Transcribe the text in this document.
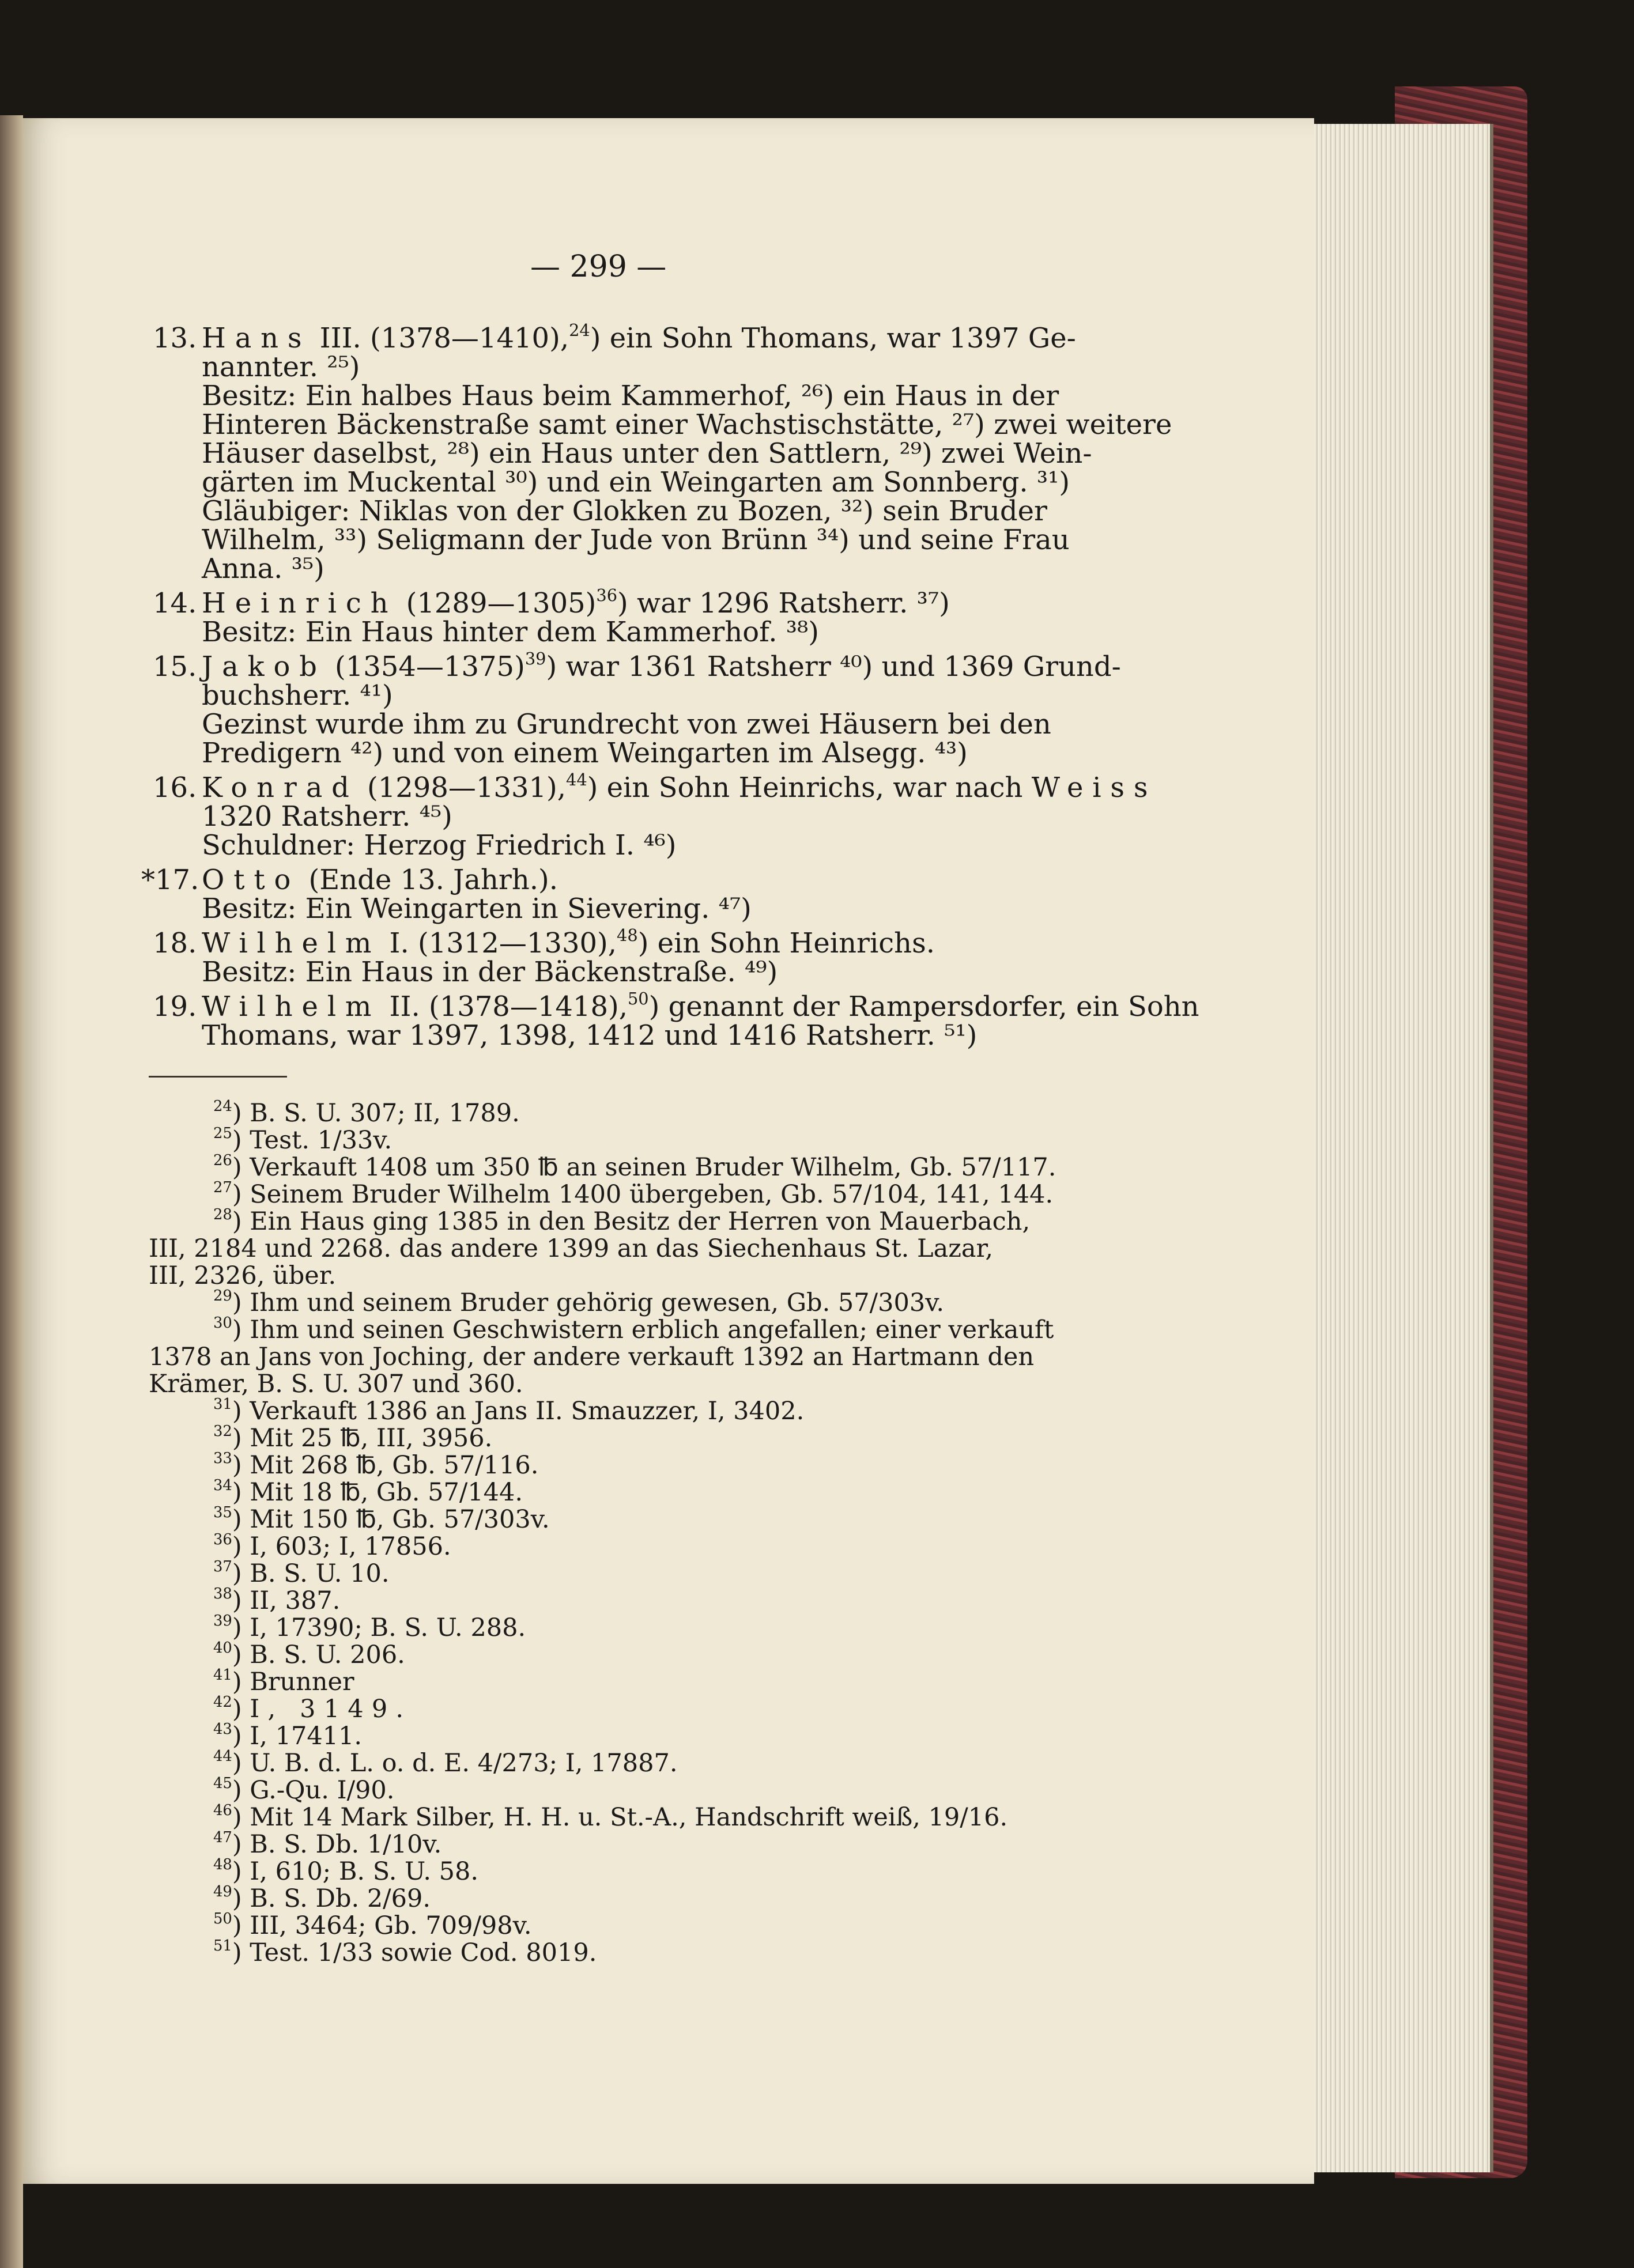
— 299 —
13. Hans III. (1378—1410),$^{24}$) ein Sohn Thomans, war 1397 Ge-
nannter. ²⁵)
Besitz: Ein halbes Haus beim Kammerhof, ²⁶) ein Haus in der
Hinteren Bäckenstraße samt einer Wachstischstätte, ²⁷) zwei weitere
Häuser daselbst, ²⁸) ein Haus unter den Sattlern, ²⁹) zwei Wein-
gärten im Muckental ³⁰) und ein Weingarten am Sonnberg. ³¹)
Gläubiger: Niklas von der Glokken zu Bozen, ³²) sein Bruder
Wilhelm, ³³) Seligmann der Jude von Brünn ³⁴) und seine Frau
Anna. ³⁵)
14. Heinrich (1289—1305)$^{36}$) war 1296 Ratsherr. ³⁷)
Besitz: Ein Haus hinter dem Kammerhof. ³⁸)
15. Jakob (1354—1375)$^{39}$) war 1361 Ratsherr ⁴⁰) und 1369 Grund-
buchsherr. ⁴¹)
Gezinst wurde ihm zu Grundrecht von zwei Häusern bei den
Predigern ⁴²) und von einem Weingarten im Alsegg. ⁴³)
16. Konrad (1298—1331),$^{44}$) ein Sohn Heinrichs, war nach Weiss
1320 Ratsherr. ⁴⁵)
Schuldner: Herzog Friedrich I. ⁴⁶)
*17. Otto (Ende 13. Jahrh.).
Besitz: Ein Weingarten in Sievering. ⁴⁷)
18. Wilhelm I. (1312—1330),$^{48}$) ein Sohn Heinrichs.
Besitz: Ein Haus in der Bäckenstraße. ⁴⁹)
19. Wilhelm II. (1378—1418),$^{50}$) genannt der Rampersdorfer, ein Sohn
Thomans, war 1397, 1398, 1412 und 1416 Ratsherr. ⁵¹)
$^{24}$) B. S. U. 307; II, 1789.
$^{25}$) Test. 1/33v.
$^{26}$) Verkauft 1408 um 350 ℔ an seinen Bruder Wilhelm, Gb. 57/117.
$^{27}$) Seinem Bruder Wilhelm 1400 übergeben, Gb. 57/104, 141, 144.
$^{28}$) Ein Haus ging 1385 in den Besitz der Herren von Mauerbach,
III, 2184 und 2268. das andere 1399 an das Siechenhaus St. Lazar,
III, 2326, über.
$^{29}$) Ihm und seinem Bruder gehörig gewesen, Gb. 57/303v.
$^{30}$) Ihm und seinen Geschwistern erblich angefallen; einer verkauft
1378 an Jans von Joching, der andere verkauft 1392 an Hartmann den
Krämer, B. S. U. 307 und 360.
$^{31}$) Verkauft 1386 an Jans II. Smauzzer, I, 3402.
$^{32}$) Mit 25 ℔, III, 3956.
$^{33}$) Mit 268 ℔, Gb. 57/116.
$^{34}$) Mit 18 ℔, Gb. 57/144.
$^{35}$) Mit 150 ℔, Gb. 57/303v.
$^{36}$) I, 603; I, 17856.
$^{37}$) B. S. U. 10.
$^{38}$) II, 387.
$^{39}$) I, 17390; B. S. U. 288.
$^{40}$) B. S. U. 206.
$^{41}$) Brunner
$^{42}$) I, 3149.
$^{43}$) I, 17411.
$^{44}$) U. B. d. L. o. d. E. 4/273; I, 17887.
$^{45}$) G.-Qu. I/90.
$^{46}$) Mit 14 Mark Silber, H. H. u. St.-A., Handschrift weiß, 19/16.
$^{47}$) B. S. Db. 1/10v.
$^{48}$) I, 610; B. S. U. 58.
$^{49}$) B. S. Db. 2/69.
$^{50}$) III, 3464; Gb. 709/98v.
$^{51}$) Test. 1/33 sowie Cod. 8019.
